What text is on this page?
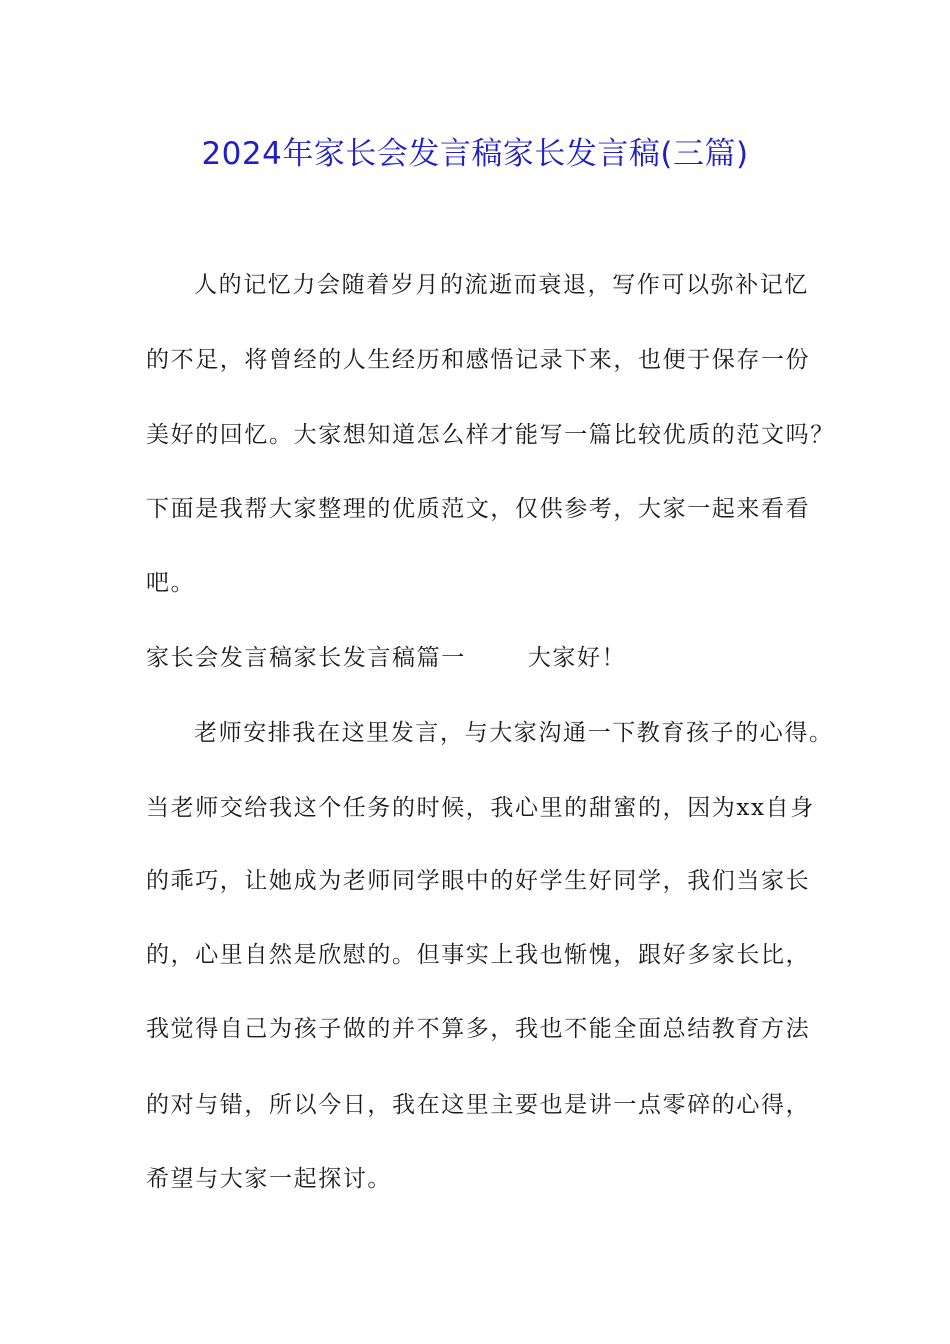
2024年家长会发言稿家长发言稿(三篇)
人的记忆力会随着岁月的流逝而衰退，写作可以弥补记忆
的不足，将曾经的人生经历和感悟记录下来，也便于保存一份
美好的回忆。大家想知道怎么样才能写一篇比较优质的范文吗？
下面是我帮大家整理的优质范文，仅供参考，大家一起来看看
吧。
家长会发言稿家长发言稿篇一	大家好！
老师安排我在这里发言，与大家沟通一下教育孩子的心得。
当老师交给我这个任务的时候，我心里的甜蜜的，因为xx自身
的乖巧，让她成为老师同学眼中的好学生好同学，我们当家长
的，心里自然是欣慰的。但事实上我也惭愧，跟好多家长比，
我觉得自己为孩子做的并不算多，我也不能全面总结教育方法
的对与错，所以今日，我在这里主要也是讲一点零碎的心得，
希望与大家一起探讨。
